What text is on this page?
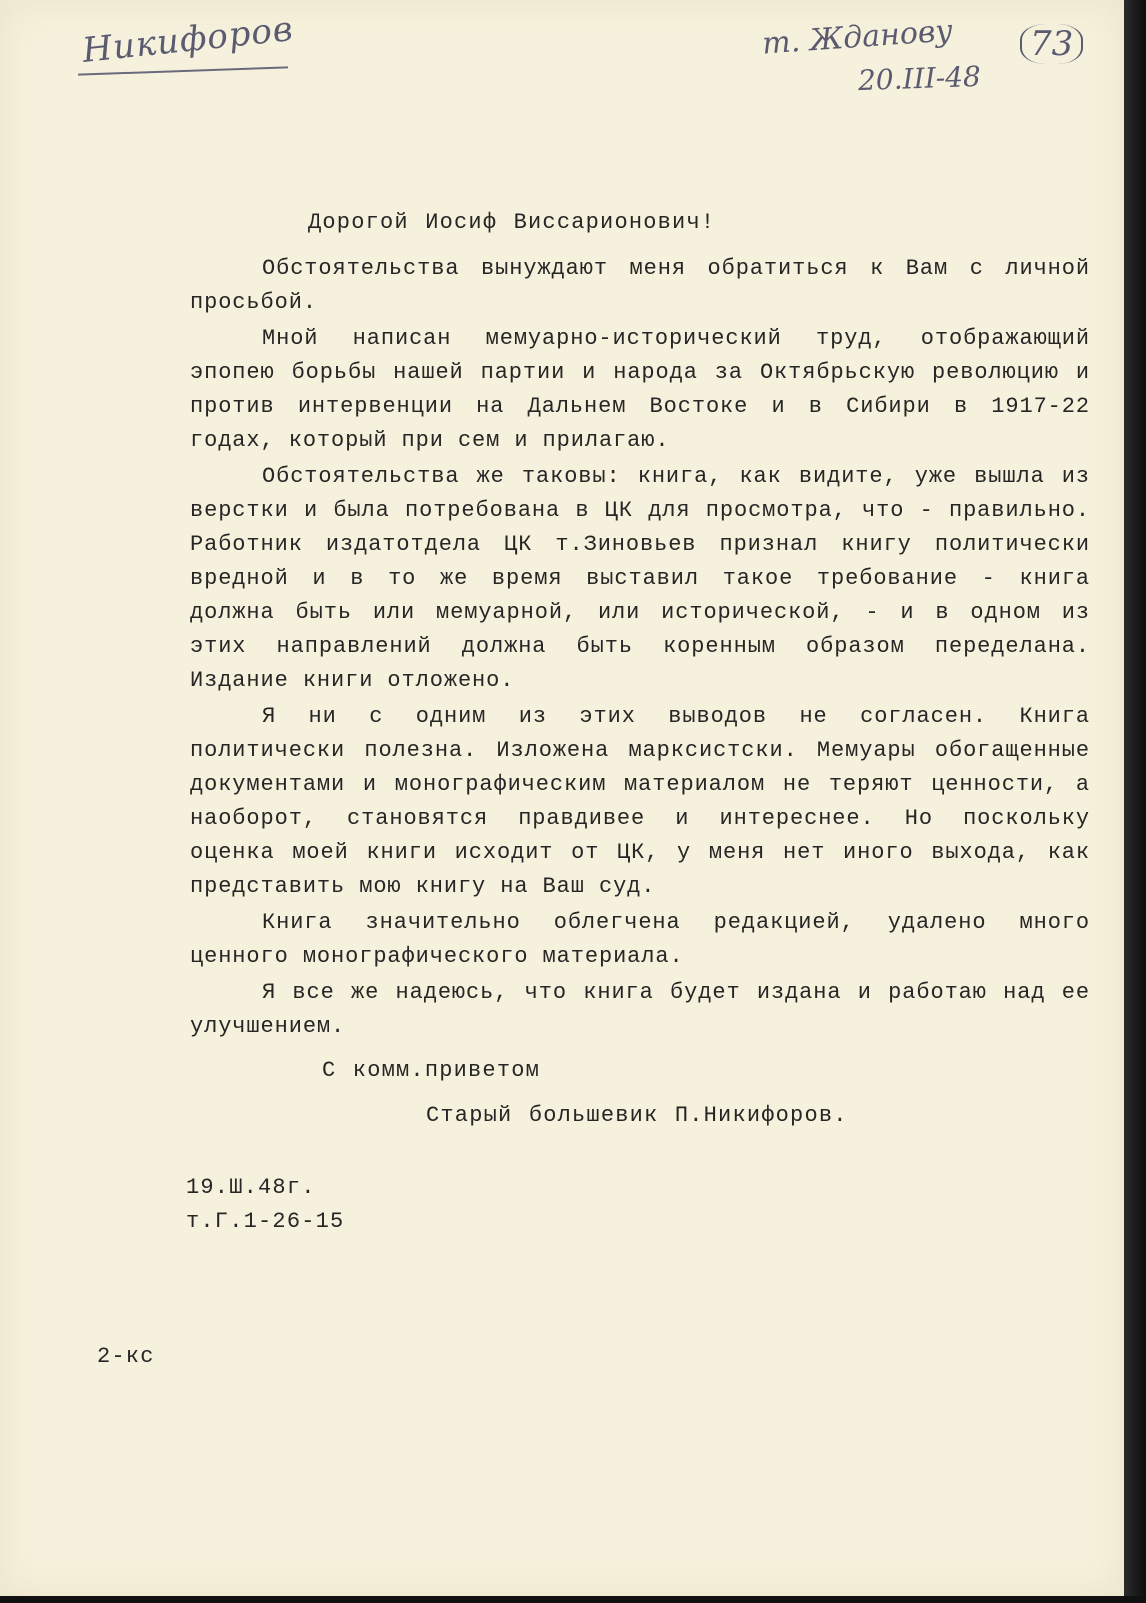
Никифоров	т. Жданову
20.III-48
73
Дорогой Иосиф Виссарионович!

Обстоятельства вынуждают меня обратиться к Вам с личной просьбой.

Мной написан мемуарно-исторический труд, отображающий эпопею борьбы нашей партии и народа за Октябрьскую революцию и против интервенции на Дальнем Востоке и в Сибири в 1917-22 годах, который при сем и прилагаю.

Обстоятельства же таковы: книга, как видите, уже вышла из верстки и была потребована в ЦК для просмотра, что - правильно. Работник издатотдела ЦК т.Зиновьев признал книгу политически вредной и в то же время выставил такое требование - книга должна быть или мемуарной, или исторической, - и в одном из этих направлений должна быть коренным образом переделана. Издание книги отложено.

Я ни с одним из этих выводов не согласен. Книга политически полезна. Изложена марксистски. Мемуары обогащенные документами и монографическим материалом не теряют ценности, а наоборот, становятся правдивее и интереснее. Но поскольку оценка моей книги исходит от ЦК, у меня нет иного выхода, как представить мою книгу на Ваш суд.

Книга значительно облегчена редакцией, удалено много ценного монографического материала.

Я все же надеюсь, что книга будет издана и работаю над ее улучшением.

С комм.приветом
Старый большевик П.Никифоров.
19.Ш.48г.
т.Г.1-26-15
2-кс
